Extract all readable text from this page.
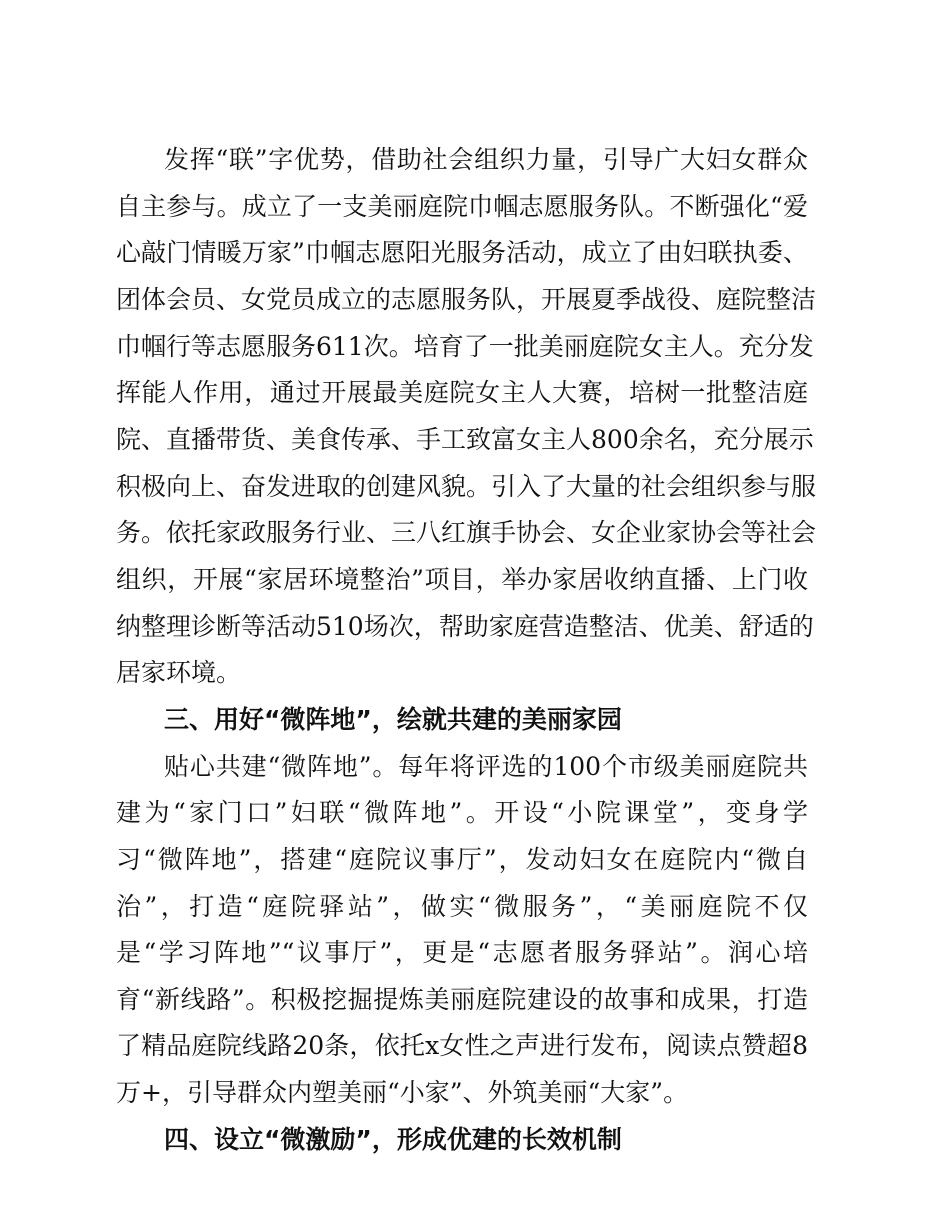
发挥“联”字优势，借助社会组织力量，引导广大妇女群众
自主参与。成立了一支美丽庭院巾帼志愿服务队。不断强化“爱
心敲门情暖万家”巾帼志愿阳光服务活动，成立了由妇联执委、
团体会员、女党员成立的志愿服务队，开展夏季战役、庭院整洁
巾帼行等志愿服务611次。培育了一批美丽庭院女主人。充分发
挥能人作用，通过开展最美庭院女主人大赛，培树一批整洁庭
院、直播带货、美食传承、手工致富女主人800余名，充分展示
积极向上、奋发进取的创建风貌。引入了大量的社会组织参与服
务。依托家政服务行业、三八红旗手协会、女企业家协会等社会
组织，开展“家居环境整治”项目，举办家居收纳直播、上门收
纳整理诊断等活动510场次，帮助家庭营造整洁、优美、舒适的
居家环境。
三、用好“微阵地”，绘就共建的美丽家园
贴心共建“微阵地”。每年将评选的100个市级美丽庭院共
建为“家门口”妇联“微阵地”。开设“小院课堂”，变身学
习“微阵地”，搭建“庭院议事厅”，发动妇女在庭院内“微自
治”，打造“庭院驿站”，做实“微服务”，“美丽庭院不仅
是“学习阵地”“议事厅”，更是“志愿者服务驿站”。润心培
育“新线路”。积极挖掘提炼美丽庭院建设的故事和成果，打造
了精品庭院线路20条，依托x女性之声进行发布，阅读点赞超8
万+，引导群众内塑美丽“小家”、外筑美丽“大家”。
四、设立“微激励”，形成优建的长效机制
